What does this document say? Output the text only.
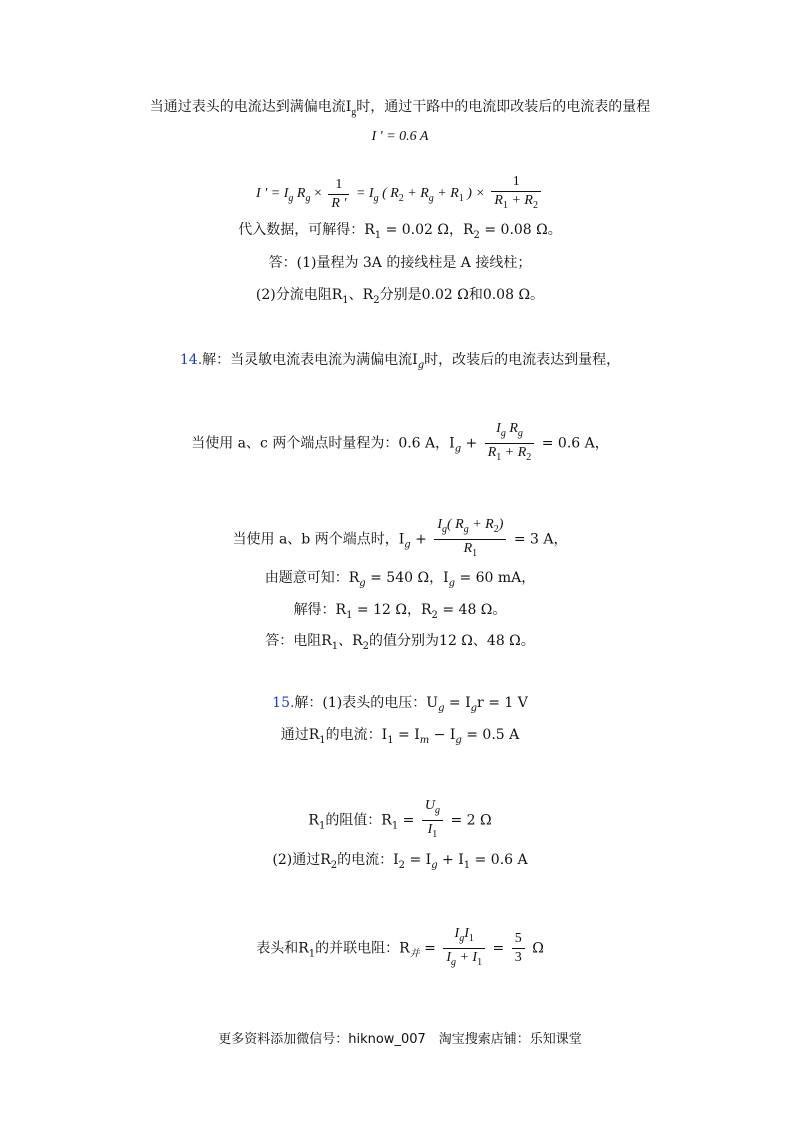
当通过表头的电流达到满偏电流$I_g$时，通过干路中的电流即改装后的电流表的量程
I ′ = 0.6 A
I ′ = $I_g$ $R_g \times \frac{1}{R '} = I_g$ ( $R_2 + R_g + R_1$ ) × $\frac{1}{R_1 + R_2}$
代入数据，可解得：$R_1 = 0.02$ Ω，$R_2 = 0.08$ Ω。
答：(1)量程为 3A 的接线柱是 A 接线柱；
(2)分流电阻$R_1$、$R_2$分别是0.02 Ω和0.08 Ω。
14.解：当灵敏电流表电流为满偏电流$I_g$时，改装后的电流表达到量程，
当使用 a、c 两个端点时量程为：0.6 A，$I_g + \frac{I_g R_g}{R_1 + R_2} = 0.6$ A，
当使用 a、b 两个端点时，$I_g + \frac{I_g( R_g + R_2)}{R_1} = 3$ A，
由题意可知：$R_g = 540$ Ω，$I_g = 60$ mA，
解得：$R_1 = 12$ Ω，$R_2 = 48$ Ω。
答：电阻$R_1$、$R_2$的值分别为12 Ω、48 Ω。
15.解：(1)表头的电压：$U_g = I_gr = 1$ V
通过$R_1$的电流：$I_1 = I_m - I_g = 0.5$ A
$R_1$的阻值：$R_1 = \frac{U_g}{I_1} = 2$ Ω
(2)通过$R_2$的电流：$I_2 = I_g + I_1 = 0.6$ A
表头和$R_1$的并联电阻：$R_并 = \frac{I_gI_1}{I_g + I_1} = \frac{5}{3}$ Ω
更多资料添加微信号：hiknow_007　淘宝搜索店铺：乐知课堂
